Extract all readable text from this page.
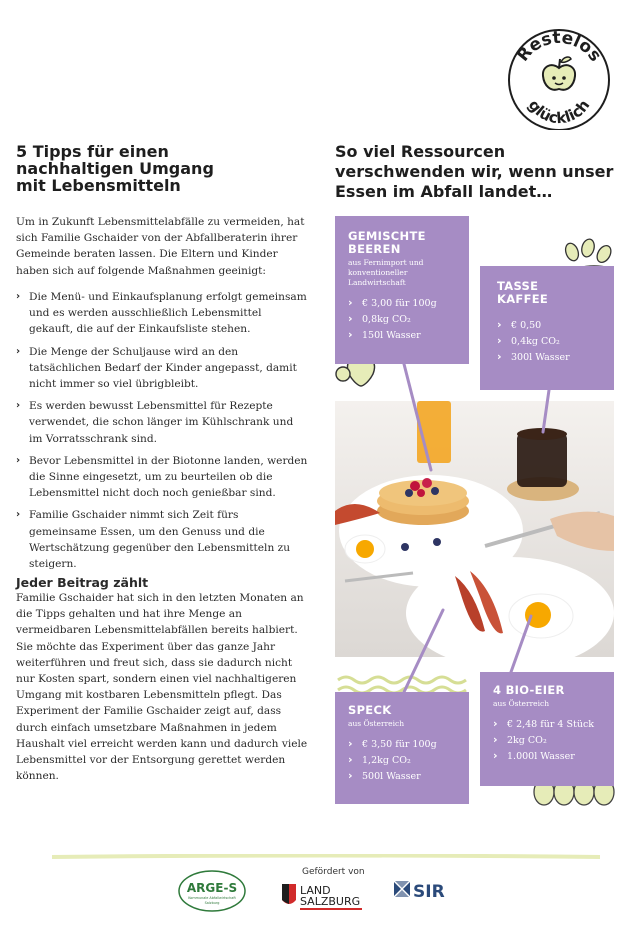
Restelos
glücklich
5 Tipps für einen
nachhaltigen Umgang
mit Lebensmitteln

Um in Zukunft Lebensmittelabfälle zu vermeiden, hat sich Familie Gschaider von der Abfallberaterin ihrer Gemeinde beraten lassen. Die Eltern und Kinder haben sich auf folgende Maßnahmen geeinigt:

› Die Menü- und Einkaufsplanung erfolgt gemeinsam und es werden ausschließlich Lebensmittel gekauft, die auf der Einkaufsliste stehen.
› Die Menge der Schuljause wird an den tatsächlichen Bedarf der Kinder angepasst, damit nicht immer so viel übrigbleibt.
› Es werden bewusst Lebensmittel für Rezepte verwendet, die schon länger im Kühlschrank und im Vorratsschrank sind.
› Bevor Lebensmittel in der Biotonne landen, werden die Sinne eingesetzt, um zu beurteilen ob die Lebensmittel nicht doch noch genießbar sind.
› Familie Gschaider nimmt sich Zeit fürs gemeinsame Essen, um den Genuss und die Wertschätzung gegenüber den Lebensmitteln zu steigern.
Jeder Beitrag zählt

Familie Gschaider hat sich in den letzten Monaten an die Tipps gehalten und hat ihre Menge an vermeidbaren Lebensmittelabfällen bereits halbiert. Sie möchte das Experiment über das ganze Jahr weiterführen und freut sich, dass sie dadurch nicht nur Kosten spart, sondern einen viel nachhaltigeren Umgang mit kostbaren Lebensmitteln pflegt. Das Experiment der Familie Gschaider zeigt auf, dass durch einfach umsetzbare Maßnahmen in jedem Haushalt viel erreicht werden kann und dadurch viele Lebensmittel vor der Entsorgung gerettet werden können.

So viel Ressourcen
verschwenden wir, wenn unser
Essen im Abfall landet…
GEMISCHTE
BEEREN
aus Fernimport und
konventioneller
Landwirtschaft
› € 3,00 für 100g
› 0,8kg CO₂
› 150l Wasser
TASSE
KAFFEE
› € 0,50
› 0,4kg CO₂
› 300l Wasser
SPECK
aus Österreich
› € 3,50 für 100g
› 1,2kg CO₂
› 500l Wasser
4 BIO-EIER
aus Österreich
› € 2,48 für 4 Stück
› 2kg CO₂
› 1.000l Wasser
Gefördert von
ARGE-S
Kommunale Abfallwirtschaft
Salzburg
LAND
SALZBURG	SIR
